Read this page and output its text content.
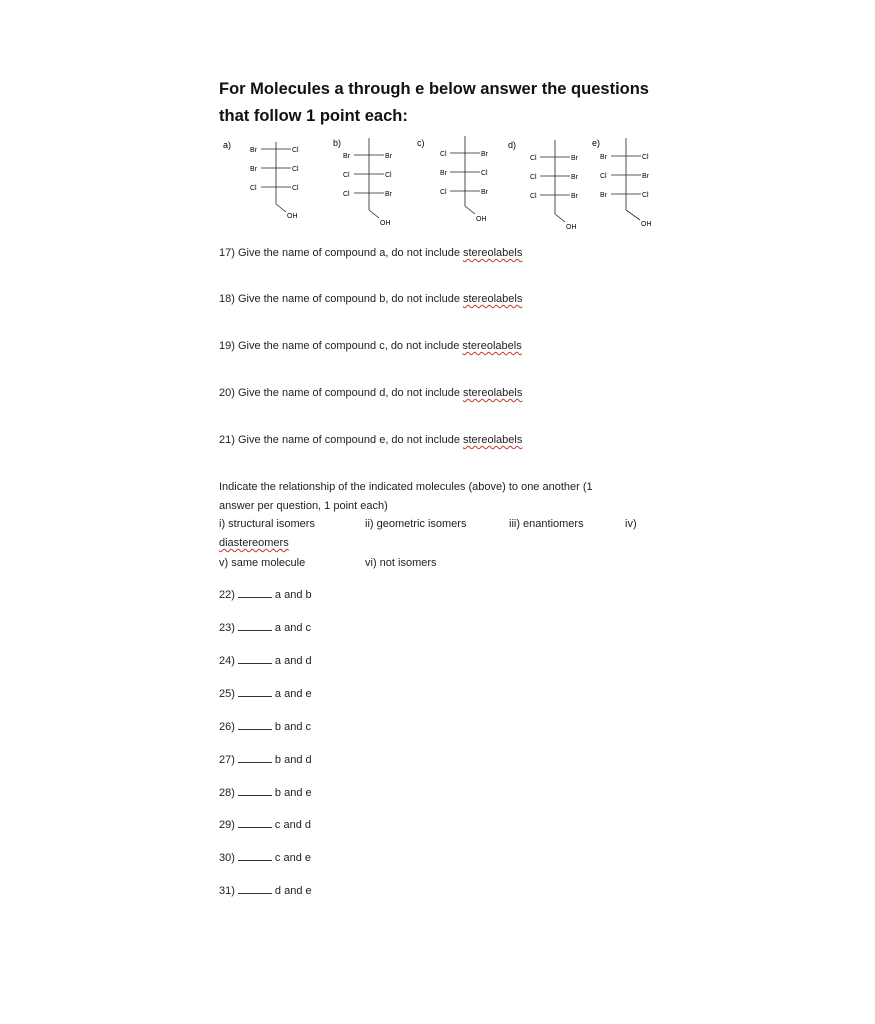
For Molecules a through e below answer the questions
that follow 1 point each:
a)
Br	Cl
Br	Cl
Cl	Cl
OH
b)
Br	Br
Cl	Cl
Cl	Br
OH
c)
Cl	Br
Br	Cl
Cl	Br
OH
d)
Cl	Br
Cl	Br
Cl	Br
OH
e)
Br	Cl
Cl	Br
Br	Cl
OH
17) Give the name of compound a, do not include stereolabels
18) Give the name of compound b, do not include stereolabels
19) Give the name of compound c, do not include stereolabels
20) Give the name of compound d, do not include stereolabels
21) Give the name of compound e, do not include stereolabels
Indicate the relationship of the indicated molecules (above) to one another (1
answer per question, 1 point each)
i) structural isomers	ii) geometric isomers	iii) enantiomers	iv)
diastereomers
v) same molecule	vi) not isomers
22)	a and b
23)	a and c
24)	a and d
25)	a and e
26)	b and c
27)	b and d
28)	b and e
29)	c and d
30)	c and e
31)	d and e
